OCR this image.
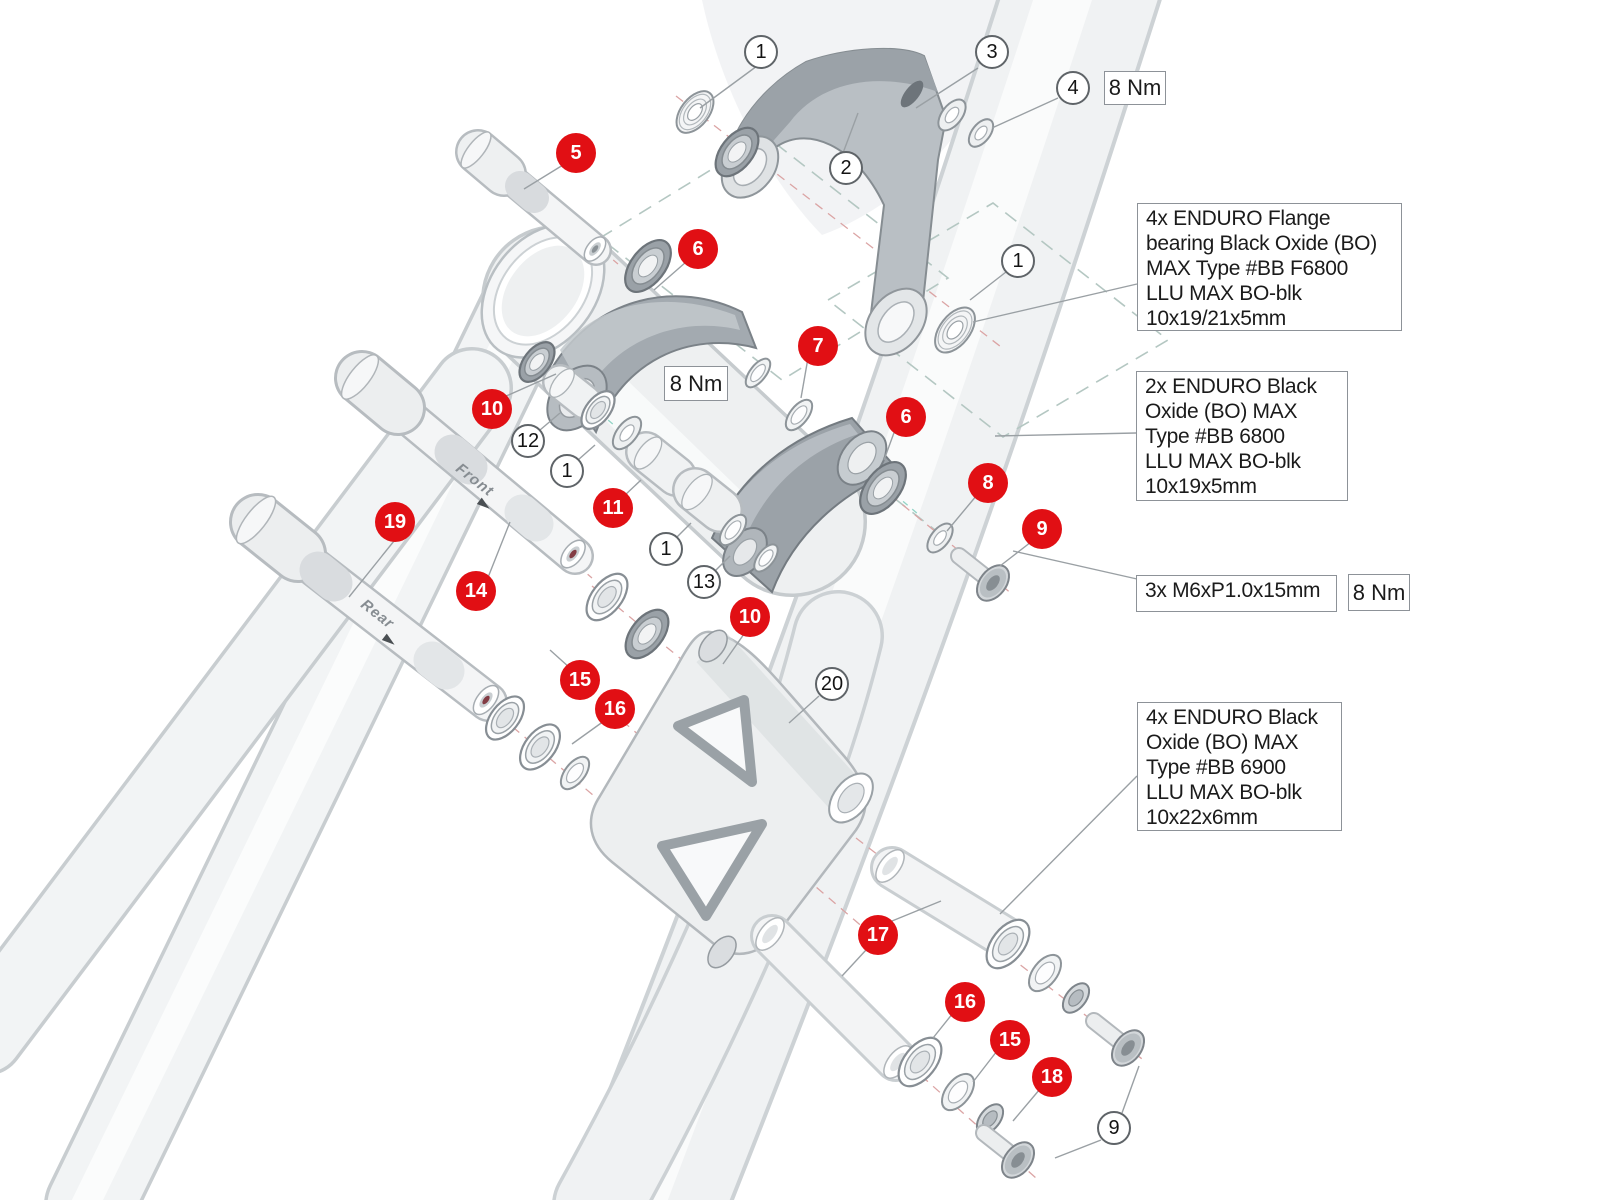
1	3
4
2
1
5
6
7
6
8
9
10
12
1
11
1
13
19
14
15
16
10
20
17
16
15
18
9
4x ENDURO Flange
bearing Black Oxide (BO)
MAX Type #BB F6800
LLU MAX BO-blk
10x19/21x5mm
2x ENDURO Black
Oxide (BO) MAX
Type #BB 6800
LLU MAX BO-blk
10x19x5mm
3x M6xP1.0x15mm
4x ENDURO Black
Oxide (BO) MAX
Type #BB 6900
LLU MAX BO-blk
10x22x6mm
8 Nm
8 Nm
8 Nm
Front
Rear
